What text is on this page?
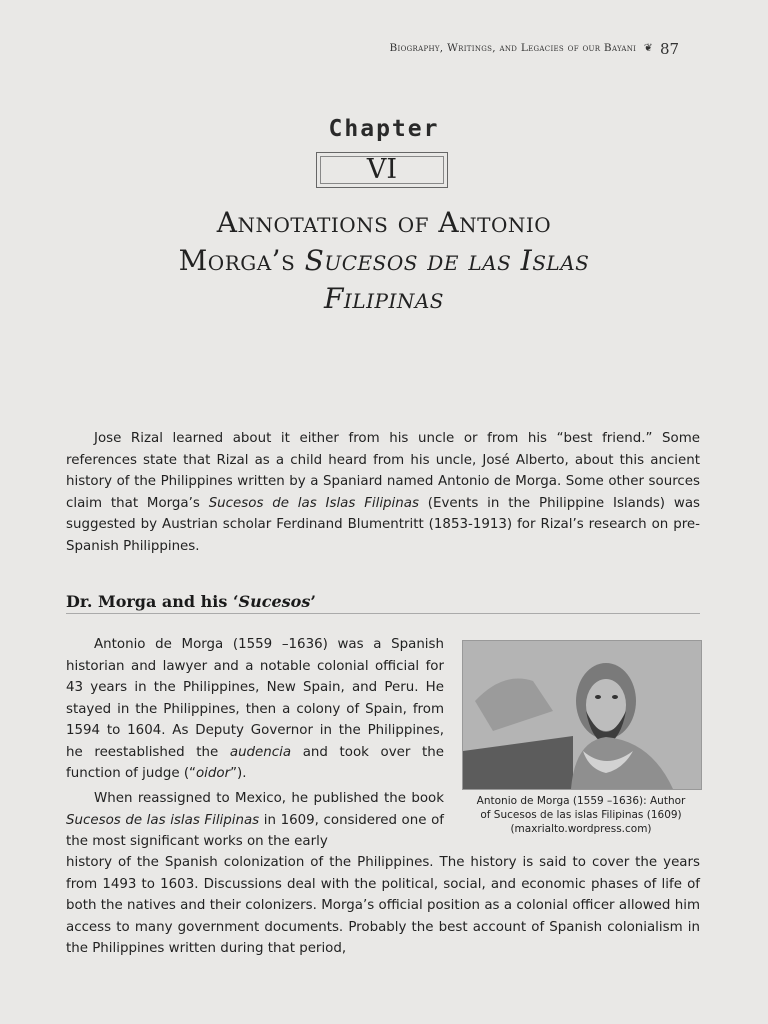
Biography, Writings, and Legacies of our Bayani ❦ 87
Chapter
VI
Annotations of Antonio
Morga’s Sucesos de las Islas
Filipinas
Jose Rizal learned about it either from his uncle or from his “best friend.” Some references state that Rizal as a child heard from his uncle, José Alberto, about this ancient history of the Philippines written by a Spaniard named Antonio de Morga. Some other sources claim that Morga’s Sucesos de las Islas Filipinas (Events in the Philippine Islands) was suggested by Austrian scholar Ferdinand Blumentritt (1853-1913) for Rizal’s research on pre-Spanish Philippines.
Dr. Morga and his ‘Sucesos’
Antonio de Morga (1559 –1636) was a Spanish historian and lawyer and a notable colonial official for 43 years in the Philippines, New Spain, and Peru. He stayed in the Philippines, then a colony of Spain, from 1594 to 1604. As Deputy Governor in the Philippines, he reestablished the audencia and took over the function of judge (“oidor”).
When reassigned to Mexico, he published the book Sucesos de las islas Filipinas in 1609, considered one of the most significant works on the early
history of the Spanish colonization of the Philippines. The history is said to cover the years from 1493 to 1603. Discussions deal with the political, social, and economic phases of life of both the natives and their colonizers. Morga’s official position as a colonial officer allowed him access to many government documents. Probably the best account of Spanish colonialism in the Philippines written during that period,
Antonio de Morga (1559 –1636): Author
of Sucesos de las islas Filipinas (1609)
(maxrialto.wordpress.com)
